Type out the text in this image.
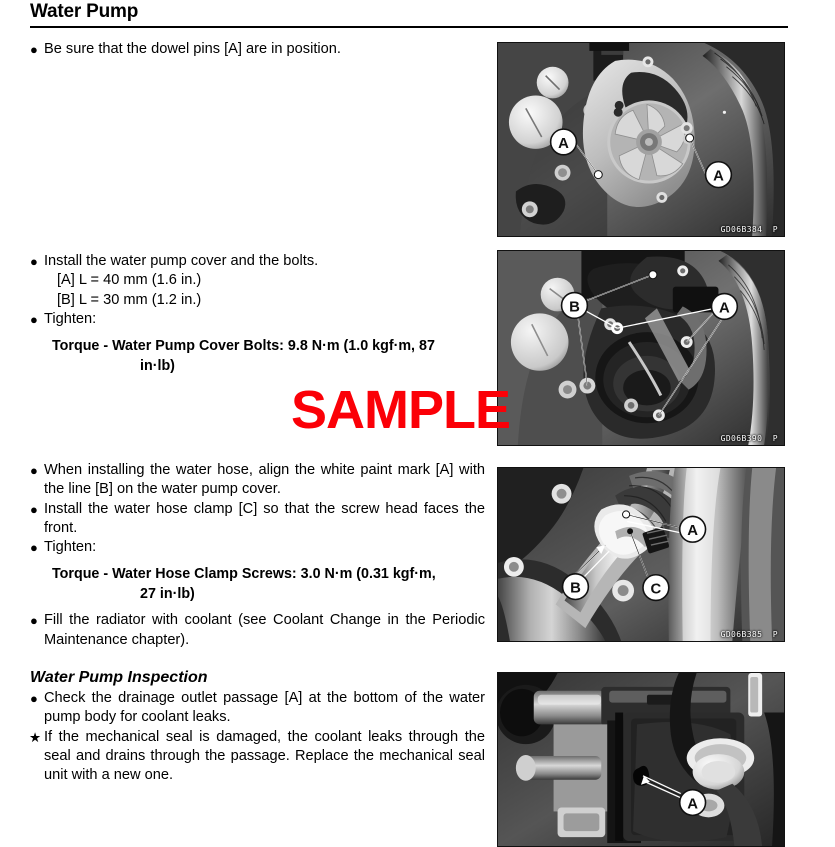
Water Pump

● Be sure that the dowel pins [A] are in position.

● Install the water pump cover and the bolts.

[A] L = 40 mm (1.6 in.)

[B] L = 30 mm (1.2 in.)

● Tighten:

Torque - Water Pump Cover Bolts: 9.8 N·m (1.0 kgf·m, 87
in·lb)

● When installing the water hose, align the white paint mark [A] with the line [B] on the water pump cover.

● Install the water hose clamp [C] so that the screw head faces the front.

● Tighten:

Torque - Water Hose Clamp Screws: 3.0 N·m (0.31 kgf·m,
27 in·lb)

● Fill the radiator with coolant (see Coolant Change in the Periodic Maintenance chapter).

Water Pump Inspection

● Check the drainage outlet passage [A] at the bottom of the water pump body for coolant leaks.

★ If the mechanical seal is damaged, the coolant leaks through the seal and drains through the passage. Replace the mechanical seal unit with a new one.

A
A
GD06B384  P
B	A
GD06B390  P
A
B	C
GD06B385  P
A
SAMPLE
